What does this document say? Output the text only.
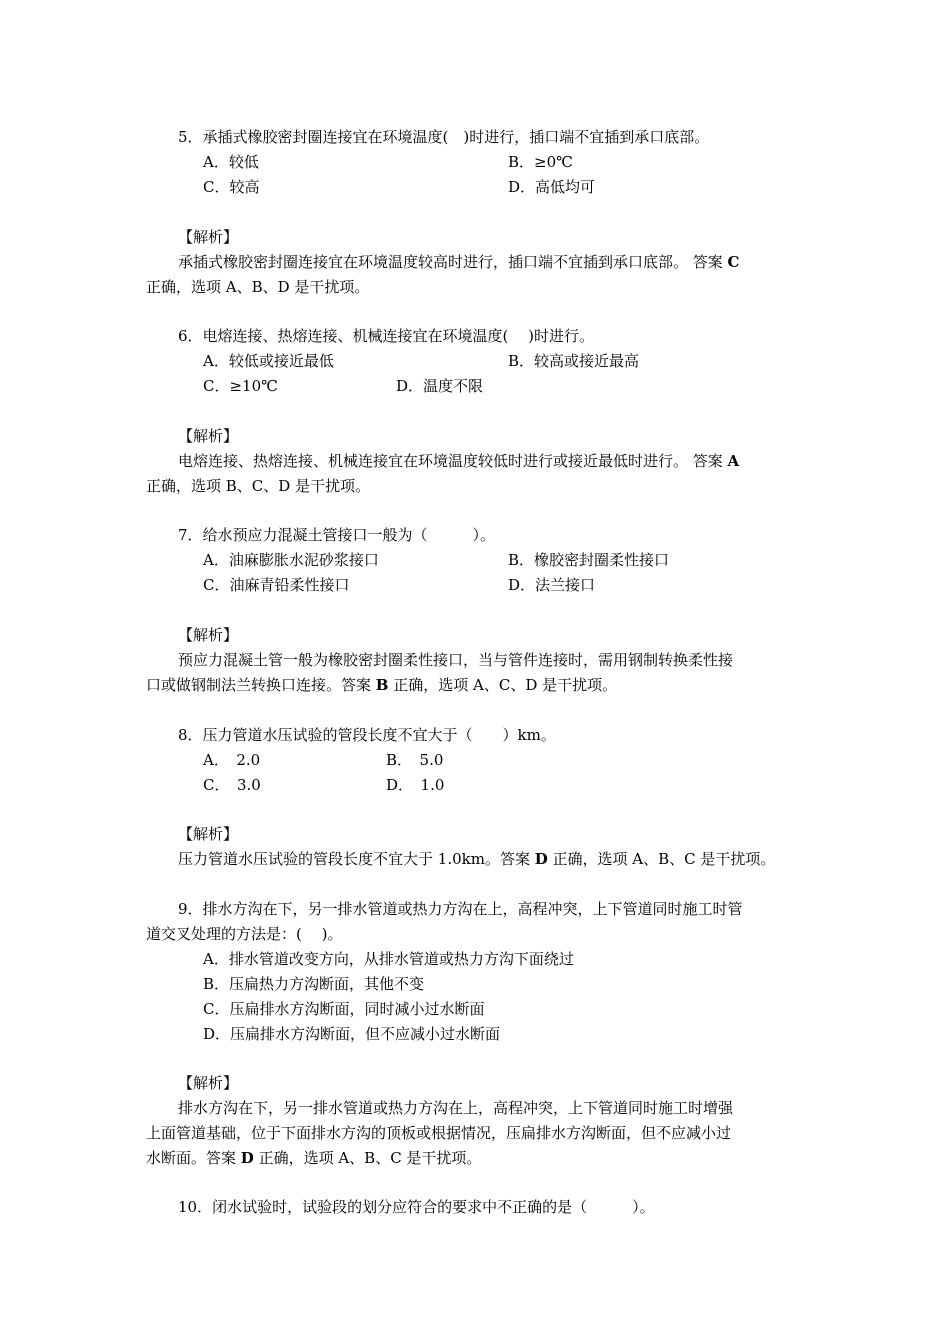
5．承插式橡胶密封圈连接宜在环境温度(　)时进行，插口端不宜插到承口底部。
A．较低	B．≥0℃
C．较高	D．高低均可
【解析】
承插式橡胶密封圈连接宜在环境温度较高时进行，插口端不宜插到承口底部。 答案 C
正确，选项 A、B、D 是干扰项。
6．电熔连接、热熔连接、机械连接宜在环境温度(　 )时进行。
A．较低或接近最低	B．较高或接近最高
C．≥10℃	D．温度不限
【解析】
电熔连接、热熔连接、机械连接宜在环境温度较低时进行或接近最低时进行。 答案 A
正确，选项 B、C、D 是干扰项。
7．给水预应力混凝土管接口一般为（　　　）。
A．油麻膨胀水泥砂浆接口	B．橡胶密封圈柔性接口
C．油麻青铅柔性接口	D．法兰接口
【解析】
预应力混凝土管一般为橡胶密封圈柔性接口，当与管件连接时，需用钢制转换柔性接
口或做钢制法兰转换口连接。答案 B 正确，选项 A、C、D 是干扰项。
8．压力管道水压试验的管段长度不宜大于（　　）km。
A．　2.0	B．　5.0
C．　3.0	D．　1.0
【解析】
压力管道水压试验的管段长度不宜大于 1.0km。答案 D 正确，选项 A、B、C 是干扰项。
9．排水方沟在下，另一排水管道或热力方沟在上，高程冲突，上下管道同时施工时管
道交叉处理的方法是：(　 )。
A．排水管道改变方向，从排水管道或热力方沟下面绕过
B．压扁热力方沟断面，其他不变
C．压扁排水方沟断面，同时减小过水断面
D．压扁排水方沟断面，但不应减小过水断面
【解析】
排水方沟在下，另一排水管道或热力方沟在上，高程冲突，上下管道同时施工时增强
上面管道基础，位于下面排水方沟的顶板或根据情况，压扁排水方沟断面，但不应减小过
水断面。答案 D 正确，选项 A、B、C 是干扰项。
10．闭水试验时，试验段的划分应符合的要求中不正确的是（　　　）。
